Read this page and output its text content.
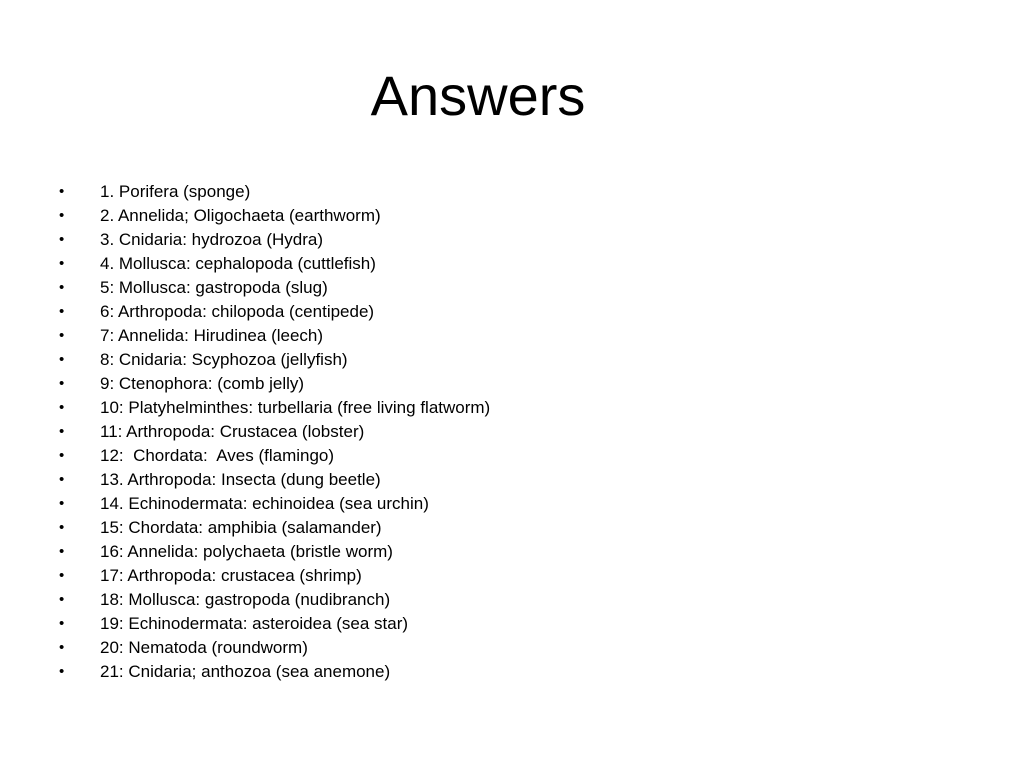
Answers

•

1. Porifera (sponge)

•

2. Annelida; Oligochaeta (earthworm)

•

3. Cnidaria: hydrozoa (Hydra)

•

4. Mollusca: cephalopoda (cuttlefish)

•

5: Mollusca: gastropoda (slug)

•

6: Arthropoda: chilopoda (centipede)

•

7: Annelida: Hirudinea (leech)

•

8: Cnidaria: Scyphozoa (jellyfish)

•

9: Ctenophora: (comb jelly)

•

10: Platyhelminthes: turbellaria (free living flatworm)

•

11: Arthropoda: Crustacea (lobster)

•

12:  Chordata:  Aves (flamingo)

•

13. Arthropoda: Insecta (dung beetle)

•

14. Echinodermata: echinoidea (sea urchin)

•

15: Chordata: amphibia (salamander)

•

16: Annelida: polychaeta (bristle worm)

•

17: Arthropoda: crustacea (shrimp)

•

18: Mollusca: gastropoda (nudibranch)

•

19: Echinodermata: asteroidea (sea star)

•

20: Nematoda (roundworm)

•

21: Cnidaria; anthozoa (sea anemone)
